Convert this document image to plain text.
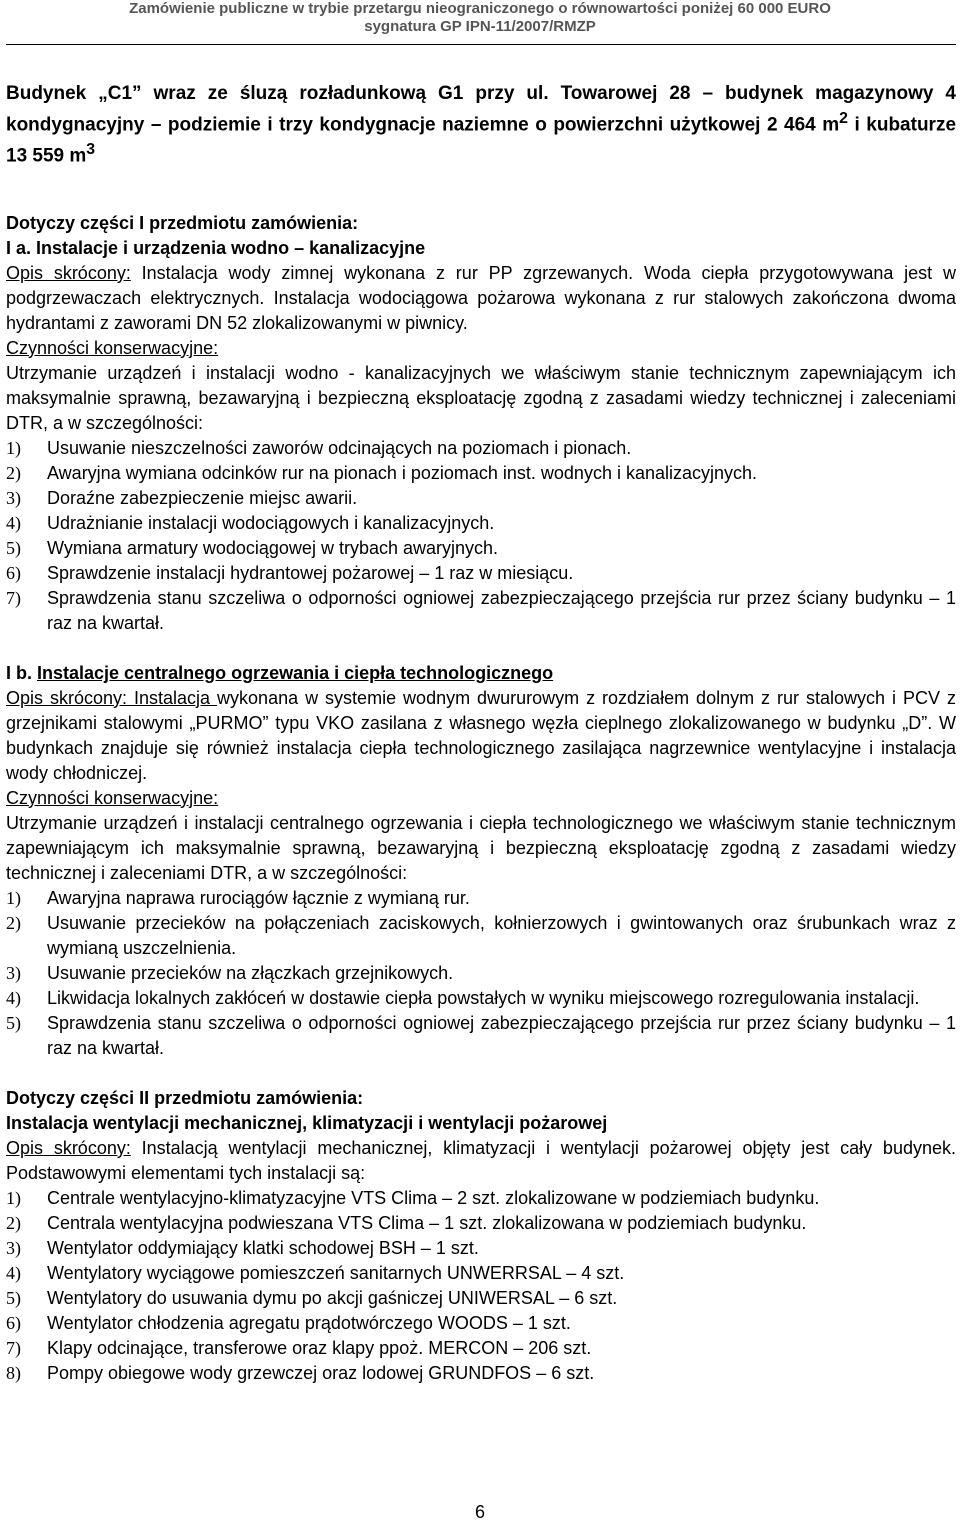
Zamówienie publiczne w trybie przetargu nieograniczonego o równowartości poniżej 60 000 EURO
sygnatura GP IPN-11/2007/RMZP

Budynek „C1” wraz ze śluzą rozładunkową G1 przy ul. Towarowej 28 – budynek magazynowy 4 kondygnacyjny – podziemie i trzy kondygnacje naziemne o powierzchni użytkowej 2 464 $m^2$ i kubaturze 13 559 $m^3$

Dotyczy części I przedmiotu zamówienia:

I a. Instalacje i urządzenia wodno – kanalizacyjne

Opis skrócony: Instalacja wody zimnej wykonana z rur PP zgrzewanych. Woda ciepła przygotowywana jest w podgrzewaczach elektrycznych. Instalacja wodociągowa pożarowa wykonana z rur stalowych zakończona dwoma hydrantami z zaworami DN 52 zlokalizowanymi w piwnicy.

Czynności konserwacyjne:

Utrzymanie urządzeń i instalacji wodno - kanalizacyjnych we właściwym stanie technicznym zapewniającym ich maksymalnie sprawną, bezawaryjną i bezpieczną eksploatację zgodną z zasadami wiedzy technicznej i zaleceniami DTR, a w szczególności:

1)	Usuwanie nieszczelności zaworów odcinających na poziomach i pionach.
2)	Awaryjna wymiana odcinków rur na pionach i poziomach inst. wodnych i kanalizacyjnych.
3)	Doraźne zabezpieczenie miejsc awarii.
4)	Udrażnianie instalacji wodociągowych i kanalizacyjnych.
5)	Wymiana armatury wodociągowej w trybach awaryjnych.
6)	Sprawdzenie instalacji hydrantowej pożarowej – 1 raz w miesiącu.
7)	Sprawdzenia stanu szczeliwa o odporności ogniowej zabezpieczającego przejścia rur przez ściany budynku – 1 raz na kwartał.

I b. Instalacje centralnego ogrzewania i ciepła technologicznego

Opis skrócony: Instalacja wykonana w systemie wodnym dwururowym z rozdziałem dolnym z rur stalowych i PCV z grzejnikami stalowymi „PURMO” typu VKO zasilana z własnego węzła cieplnego zlokalizowanego w budynku „D”. W budynkach znajduje się również instalacja ciepła technologicznego zasilająca nagrzewnice wentylacyjne i instalacja wody chłodniczej.

Czynności konserwacyjne:

Utrzymanie urządzeń i instalacji centralnego ogrzewania i ciepła technologicznego we właściwym stanie technicznym zapewniającym ich maksymalnie sprawną, bezawaryjną i bezpieczną eksploatację zgodną z zasadami wiedzy technicznej i zaleceniami DTR, a w szczególności:

1)	Awaryjna naprawa rurociągów łącznie z wymianą rur.
2)	Usuwanie przecieków na połączeniach zaciskowych, kołnierzowych i gwintowanych oraz śrubunkach wraz z wymianą uszczelnienia.
3)	Usuwanie przecieków na złączkach grzejnikowych.
4)	Likwidacja lokalnych zakłóceń w dostawie ciepła powstałych w wyniku miejscowego rozregulowania instalacji.
5)	Sprawdzenia stanu szczeliwa o odporności ogniowej zabezpieczającego przejścia rur przez ściany budynku – 1 raz na kwartał.

Dotyczy części II przedmiotu zamówienia:

Instalacja wentylacji mechanicznej, klimatyzacji i wentylacji pożarowej

Opis skrócony: Instalacją wentylacji mechanicznej, klimatyzacji i wentylacji pożarowej objęty jest cały budynek. Podstawowymi elementami tych instalacji są:

1)	Centrale wentylacyjno-klimatyzacyjne VTS Clima – 2 szt. zlokalizowane w podziemiach budynku.
2)	Centrala wentylacyjna podwieszana VTS Clima – 1 szt. zlokalizowana w podziemiach budynku.
3)	Wentylator oddymiający klatki schodowej BSH – 1 szt.
4)	Wentylatory wyciągowe pomieszczeń sanitarnych UNWERRSAL – 4 szt.
5)	Wentylatory do usuwania dymu po akcji gaśniczej UNIWERSAL – 6 szt.
6)	Wentylator chłodzenia agregatu prądotwórczego WOODS – 1 szt.
7)	Klapy odcinające, transferowe oraz klapy ppoż. MERCON – 206 szt.
8)	Pompy obiegowe wody grzewczej oraz lodowej GRUNDFOS – 6 szt.
6
